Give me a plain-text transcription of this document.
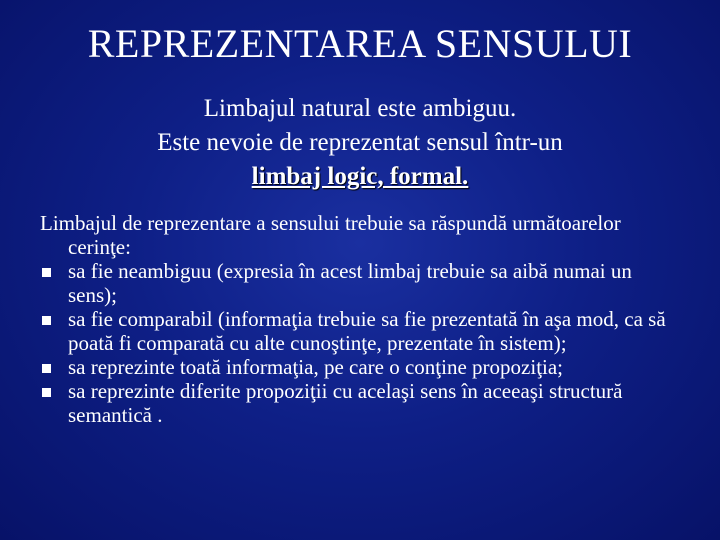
REPREZENTAREA SENSULUI
Limbajul natural este ambiguu.
Este nevoie de reprezentat sensul într-un
limbaj logic, formal.
Limbajul de reprezentare a sensului trebuie sa răspundă următoarelor cerinţe:
sa fie neambiguu (expresia în acest limbaj trebuie sa aibă numai un sens);
sa fie comparabil (informaţia trebuie sa fie prezentată în aşa mod, ca să poată fi comparată cu alte cunoştinţe, prezentate în sistem);
sa reprezinte toată informaţia, pe care o conţine propoziţia;
sa reprezinte diferite propoziţii cu acelaşi sens în aceeaşi structură semantică .
